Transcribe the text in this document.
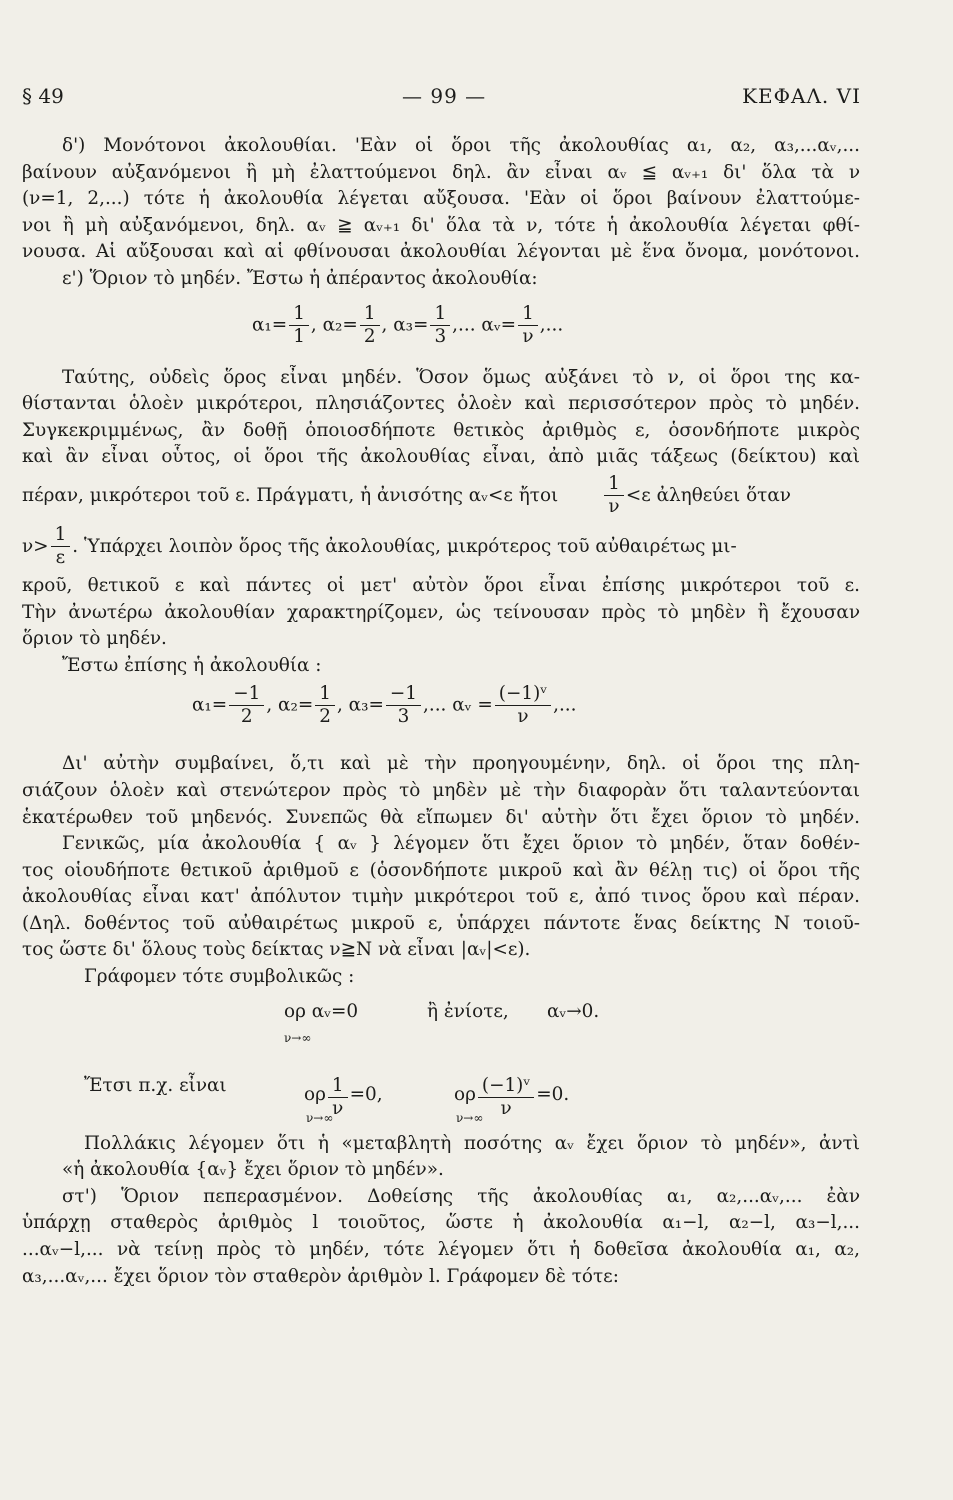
§ 49	— 99 —	ΚΕΦΑΛ. VI
δ') Μονότονοι ἀκολουθίαι. 'Εὰν οἱ ὅροι τῆς ἀκολουθίας α₁, α₂, α₃,...αᵥ,...
βαίνουν αὐξανόμενοι ἢ μὴ ἐλαττούμενοι δηλ. ἂν εἶναι αᵥ ≦ αᵥ₊₁ δι' ὅλα τὰ ν
(ν=1, 2,...) τότε ἡ ἀκολουθία λέγεται αὔξουσα. 'Εὰν οἱ ὅροι βαίνουν ἐλαττούμε-
νοι ἢ μὴ αὐξανόμενοι, δηλ. αᵥ ≧ αᵥ₊₁ δι' ὅλα τὰ ν, τότε ἡ ἀκολουθία λέγεται φθί-
νουσα. Αἱ αὔξουσαι καὶ αἱ φθίνουσαι ἀκολουθίαι λέγονται μὲ ἕνα ὄνομα, μονότονοι.
ε') Ὅριον τὸ μηδέν. Ἔστω ἡ ἀπέραντος ἀκολουθία:
$\alpha_1= \frac{1}{1}$ , $\alpha_2= \frac{1}{2}$ , $\alpha_3= \frac{1}{3}$ ,... αᵥ= $\frac{1}{\nu}$ ,...
Ταύτης, οὐδεὶς ὅρος εἶναι μηδέν. Ὅσον ὅμως αὐξάνει τὸ ν, οἱ ὅροι της κα-
θίστανται ὁλοὲν μικρότεροι, πλησιάζοντες ὁλοὲν καὶ περισσότερον πρὸς τὸ μηδέν.
Συγκεκριμμένως, ἂν δοθῇ ὁποιοσδήποτε θετικὸς ἀριθμὸς ε, ὁσονδήποτε μικρὸς
καὶ ἂν εἶναι οὗτος, οἱ ὅροι τῆς ἀκολουθίας εἶναι, ἀπὸ μιᾶς τάξεως (δείκτου) καὶ
πέραν, μικρότεροι τοῦ ε. Πράγματι, ἡ ἀνισότης αᵥ<ε ἤτοι $\frac{1}{\nu} <\varepsilon$ ἀληθεύει ὅταν
$\nu> \frac{1}{\varepsilon}$ . Ὑπάρχει λοιπὸν ὅρος τῆς ἀκολουθίας, μικρότερος τοῦ αὐθαιρέτως μι-
κροῦ, θετικοῦ ε καὶ πάντες οἱ μετ' αὐτὸν ὅροι εἶναι ἐπίσης μικρότεροι τοῦ ε.
Τὴν ἀνωτέρω ἀκολουθίαν χαρακτηρίζομεν, ὡς τείνουσαν πρὸς τὸ μηδὲν ἢ ἔχουσαν
ὅριον τὸ μηδέν.
Ἔστω ἐπίσης ἡ ἀκολουθία :
$\alpha_1= \frac{-1}{2}$ , $\alpha_2= \frac{1}{2}$ , $\alpha_3= \frac{-1}{3}$ ,... αᵥ = $\frac{\text{(−1)ᵛ}}{\nu}$ ,...
Δι' αὐτὴν συμβαίνει, ὅ,τι καὶ μὲ τὴν προηγουμένην, δηλ. οἱ ὅροι της πλη-
σιάζουν ὁλοὲν καὶ στενώτερον πρὸς τὸ μηδὲν μὲ τὴν διαφορὰν ὅτι ταλαντεύονται
ἑκατέρωθεν τοῦ μηδενός. Συνεπῶς θὰ εἴπωμεν δι' αὐτὴν ὅτι ἔχει ὅριον τὸ μηδέν.
Γενικῶς, μία ἀκολουθία { αᵥ } λέγομεν ὅτι ἔχει ὅριον τὸ μηδέν, ὅταν δοθέν-
τος οἱουδήποτε θετικοῦ ἀριθμοῦ ε (ὁσονδήποτε μικροῦ καὶ ἂν θέλῃ τις) οἱ ὅροι τῆς
ἀκολουθίας εἶναι κατ' ἀπόλυτον τιμὴν μικρότεροι τοῦ ε, ἀπό τινος ὅρου καὶ πέραν.
(Δηλ. δοθέντος τοῦ αὐθαιρέτως μικροῦ ε, ὑπάρχει πάντοτε ἕνας δείκτης Ν τοιοῦ-
τος ὥστε δι' ὅλους τοὺς δείκτας ν≧Ν νὰ εἶναι |αᵥ|<ε).
Γράφομεν τότε συμβολικῶς :
ορ αᵥ=0	ἢ ἐνίοτε, αᵥ→0.
ν→∞
Ἔτσι π.χ. εἶναι	ορ $\frac{1}{\nu} =0$,	ορ $\frac{\text{(−1)ᵛ}}{\nu} =0$.
ν→∞	ν→∞
Πολλάκις λέγομεν ὅτι ἡ «μεταβλητὴ ποσότης αᵥ ἔχει ὅριον τὸ μηδέν», ἀντὶ
«ἡ ἀκολουθία {αᵥ} ἔχει ὅριον τὸ μηδέν».
στ') Ὅριον πεπερασμένον. Δοθείσης τῆς ἀκολουθίας α₁, α₂,...αᵥ,... ἐὰν
ὑπάρχῃ σταθερὸς ἀριθμὸς l τοιοῦτος, ὥστε ἡ ἀκολουθία α₁−l, α₂−l, α₃−l,...
...αᵥ−l,... νὰ τείνῃ πρὸς τὸ μηδέν, τότε λέγομεν ὅτι ἡ δοθεῖσα ἀκολουθία α₁, α₂,
α₃,...αᵥ,... ἔχει ὅριον τὸν σταθερὸν ἀριθμὸν l. Γράφομεν δὲ τότε:
